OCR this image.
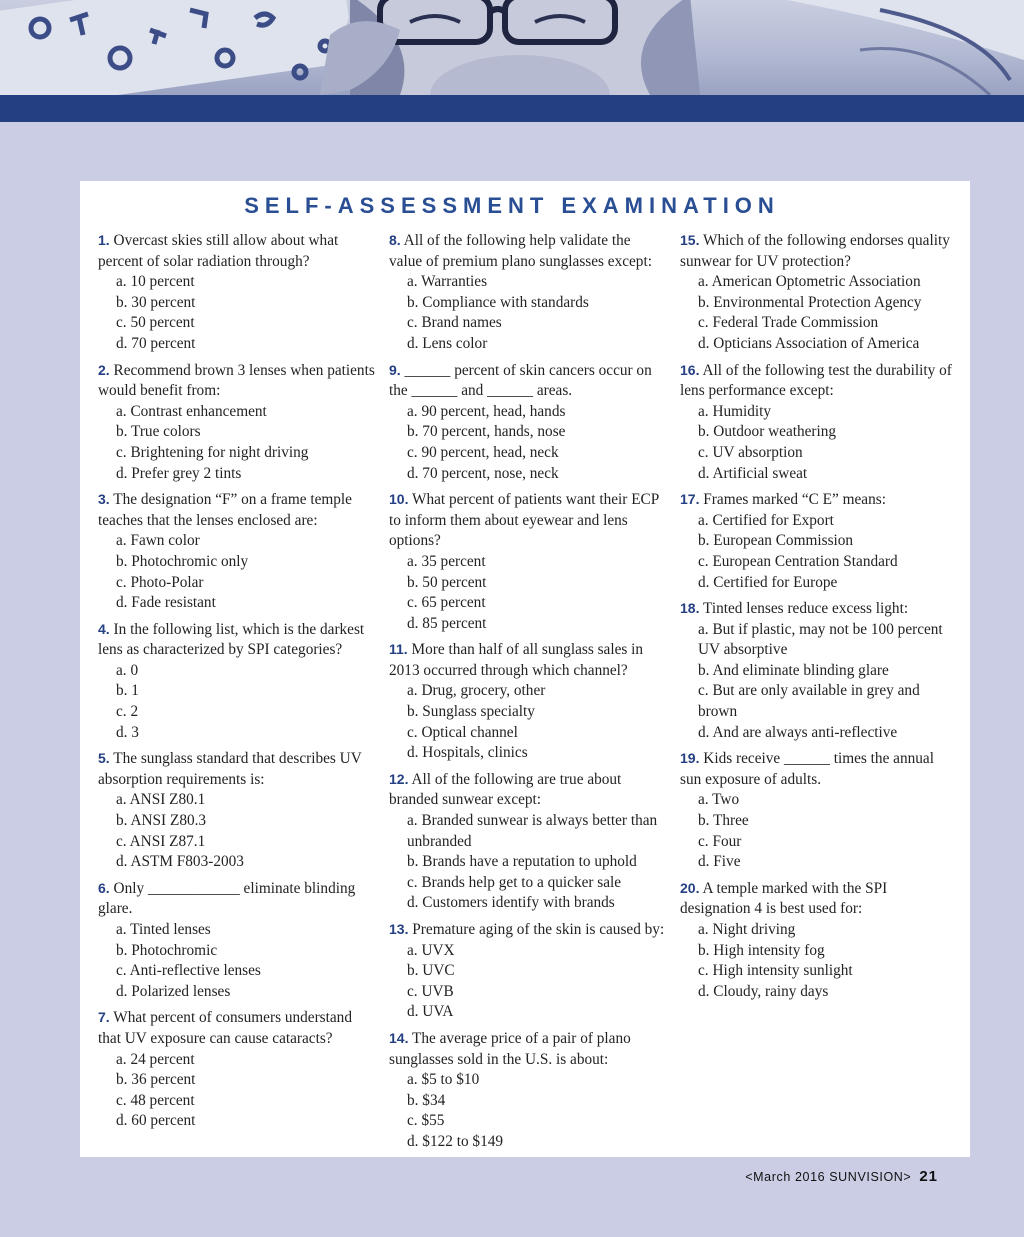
SELF-ASSESSMENT EXAMINATION
1. Overcast skies still allow about what percent of solar radiation through?
a. 10 percent
b. 30 percent
c. 50 percent
d. 70 percent
2. Recommend brown 3 lenses when patients would benefit from:
a. Contrast enhancement
b. True colors
c. Brightening for night driving
d. Prefer grey 2 tints
3. The designation “F” on a frame temple teaches that the lenses enclosed are:
a. Fawn color
b. Photochromic only
c. Photo-Polar
d. Fade resistant
4. In the following list, which is the darkest lens as characterized by SPI categories?
a. 0
b. 1
c. 2
d. 3
5. The sunglass standard that describes UV absorption requirements is:
a. ANSI Z80.1
b. ANSI Z80.3
c. ANSI Z87.1
d. ASTM F803-2003
6. Only ____________ eliminate blinding glare.
a. Tinted lenses
b. Photochromic
c. Anti-reflective lenses
d. Polarized lenses
7. What percent of consumers understand that UV exposure can cause cataracts?
a. 24 percent
b. 36 percent
c. 48 percent
d. 60 percent
8. All of the following help validate the value of premium plano sunglasses except:
a. Warranties
b. Compliance with standards
c. Brand names
d. Lens color
9. ______ percent of skin cancers occur on the ______ and ______ areas.
a. 90 percent, head, hands
b. 70 percent, hands, nose
c. 90 percent, head, neck
d. 70 percent, nose, neck
10. What percent of patients want their ECP to inform them about eyewear and lens options?
a. 35 percent
b. 50 percent
c. 65 percent
d. 85 percent
11. More than half of all sunglass sales in 2013 occurred through which channel?
a. Drug, grocery, other
b. Sunglass specialty
c. Optical channel
d. Hospitals, clinics
12. All of the following are true about branded sunwear except:
a. Branded sunwear is always better than unbranded
b. Brands have a reputation to uphold
c. Brands help get to a quicker sale
d. Customers identify with brands
13. Premature aging of the skin is caused by:
a. UVX
b. UVC
c. UVB
d. UVA
14. The average price of a pair of plano sunglasses sold in the U.S. is about:
a. $5 to $10
b. $34
c. $55
d. $122 to $149
15. Which of the following endorses quality sunwear for UV protection?
a. American Optometric Association
b. Environmental Protection Agency
c. Federal Trade Commission
d. Opticians Association of America
16. All of the following test the durability of lens performance except:
a. Humidity
b. Outdoor weathering
c. UV absorption
d. Artificial sweat
17. Frames marked “C E” means:
a. Certified for Export
b. European Commission
c. European Centration Standard
d. Certified for Europe
18. Tinted lenses reduce excess light:
a. But if plastic, may not be 100 percent UV absorptive
b. And eliminate blinding glare
c. But are only available in grey and brown
d. And are always anti-reflective
19. Kids receive ______ times the annual sun exposure of adults.
a. Two
b. Three
c. Four
d. Five
20. A temple marked with the SPI designation 4 is best used for:
a. Night driving
b. High intensity fog
c. High intensity sunlight
d. Cloudy, rainy days
<March 2016 SUNVISION> 21
